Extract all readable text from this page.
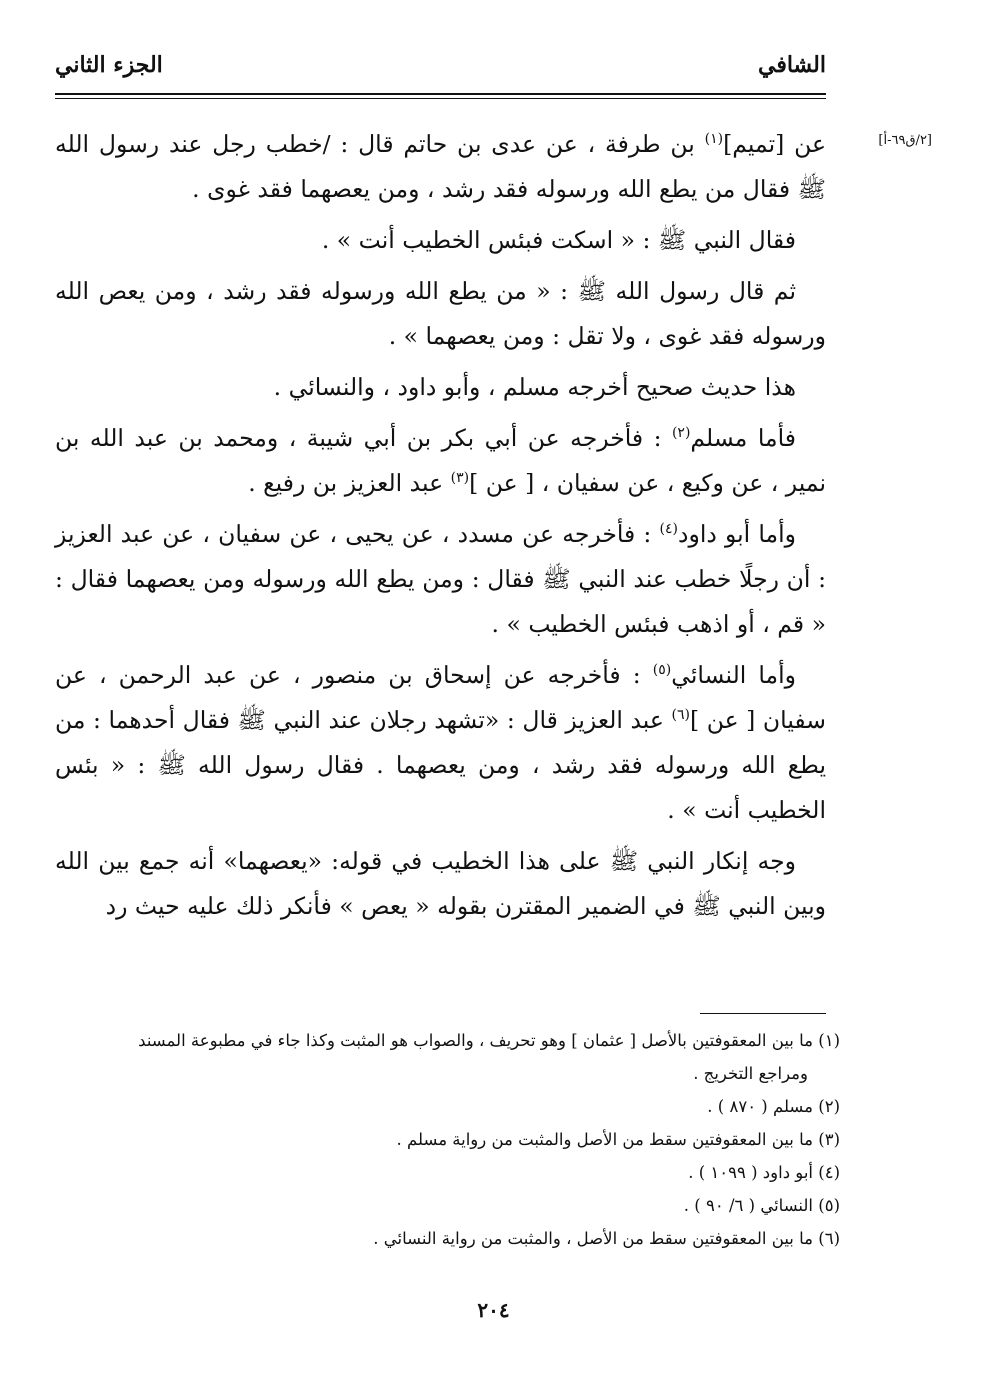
الشافي
الجزء الثاني
[٢/ق٦٩-أ]

عن [تميم]$^{(١)}$ بن طرفة ، عن عدى بن حاتم قال : /خطب رجل عند رسول الله ﷺ فقال من يطع الله ورسوله فقد رشد ، ومن يعصهما فقد غوى .

فقال النبي ﷺ : « اسكت فبئس الخطيب أنت » .

ثم قال رسول الله ﷺ : « من يطع الله ورسوله فقد رشد ، ومن يعص الله ورسوله فقد غوى ، ولا تقل : ومن يعصهما » .

هذا حديث صحيح أخرجه مسلم ، وأبو داود ، والنسائي .

فأما مسلم$^{(٢)}$ : فأخرجه عن أبي بكر بن أبي شيبة ، ومحمد بن عبد الله بن نمير ، عن وكيع ، عن سفيان ، [ عن ]$^{(٣)}$ عبد العزيز بن رفيع .

وأما أبو داود$^{(٤)}$ : فأخرجه عن مسدد ، عن يحيى ، عن سفيان ، عن عبد العزيز : أن رجلًا خطب عند النبي ﷺ فقال : ومن يطع الله ورسوله ومن يعصهما فقال : « قم ، أو اذهب فبئس الخطيب » .

وأما النسائي$^{(٥)}$ : فأخرجه عن إسحاق بن منصور ، عن عبد الرحمن ، عن سفيان [ عن ]$^{(٦)}$ عبد العزيز قال : «تشهد رجلان عند النبي ﷺ فقال أحدهما : من يطع الله ورسوله فقد رشد ، ومن يعصهما . فقال رسول الله ﷺ : « بئس الخطيب أنت » .

وجه إنكار النبي ﷺ على هذا الخطيب في قوله: «يعصهما» أنه جمع بين الله وبين النبي ﷺ في الضمير المقترن بقوله « يعص » فأنكر ذلك عليه حيث رد

(١) ما بين المعقوفتين بالأصل [ عثمان ] وهو تحريف ، والصواب هو المثبت وكذا جاء في مطبوعة المسند
ومراجع التخريج .
(٢) مسلم ( ٨٧٠ ) .
(٣) ما بين المعقوفتين سقط من الأصل والمثبت من رواية مسلم .
(٤) أبو داود ( ١٠٩٩ ) .
(٥) النسائي ( ٦/ ٩٠ ) .
(٦) ما بين المعقوفتين سقط من الأصل ، والمثبت من رواية النسائي .
٢٠٤
